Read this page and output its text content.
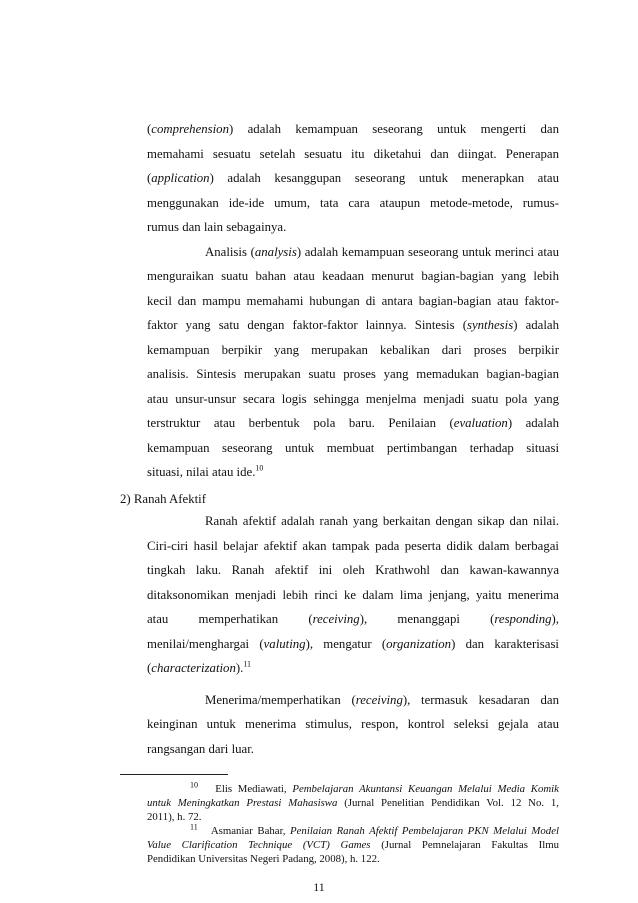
(comprehension) adalah kemampuan seseorang untuk mengerti dan
memahami sesuatu setelah sesuatu itu diketahui dan diingat. Penerapan
(application) adalah kesanggupan seseorang untuk menerapkan atau
menggunakan ide-ide umum, tata cara ataupun metode-metode, rumus-
rumus dan lain sebagainya.
Analisis (analysis) adalah kemampuan seseorang untuk merinci atau
menguraikan suatu bahan atau keadaan menurut bagian-bagian yang lebih
kecil dan mampu memahami hubungan di antara bagian-bagian atau faktor-
faktor yang satu dengan faktor-faktor lainnya. Sintesis (synthesis) adalah
kemampuan berpikir yang merupakan kebalikan dari proses berpikir
analisis. Sintesis merupakan suatu proses yang memadukan bagian-bagian
atau unsur-unsur secara logis sehingga menjelma menjadi suatu pola yang
terstruktur atau berbentuk pola baru. Penilaian (evaluation) adalah
kemampuan seseorang untuk membuat pertimbangan terhadap situasi
situasi, nilai atau ide.$^{10}$
2) Ranah Afektif
Ranah afektif adalah ranah yang berkaitan dengan sikap dan nilai.
Ciri-ciri hasil belajar afektif akan tampak pada peserta didik dalam berbagai
tingkah laku. Ranah afektif ini oleh Krathwohl dan kawan-kawannya
ditaksonomikan menjadi lebih rinci ke dalam lima jenjang, yaitu menerima
atau memperhatikan (receiving), menanggapi (responding),
menilai/menghargai (valuting), mengatur (organization) dan karakterisasi
(characterization).$^{11}$
Menerima/memperhatikan (receiving), termasuk kesadaran dan
keinginan untuk menerima stimulus, respon, kontrol seleksi gejala atau
rangsangan dari luar.
$^{10}$   Elis Mediawati, Pembelajaran Akuntansi Keuangan Melalui Media Komik
untuk Meningkatkan Prestasi Mahasiswa (Jurnal Penelitian Pendidikan Vol. 12 No. 1,
2011), h. 72.
$^{11}$   Asmaniar Bahar, Penilaian Ranah Afektif Pembelajaran PKN Melalui Model
Value Clarification Technique (VCT) Games (Jurnal Pemnelajaran Fakultas Ilmu
Pendidikan Universitas Negeri Padang, 2008), h. 122.
11
